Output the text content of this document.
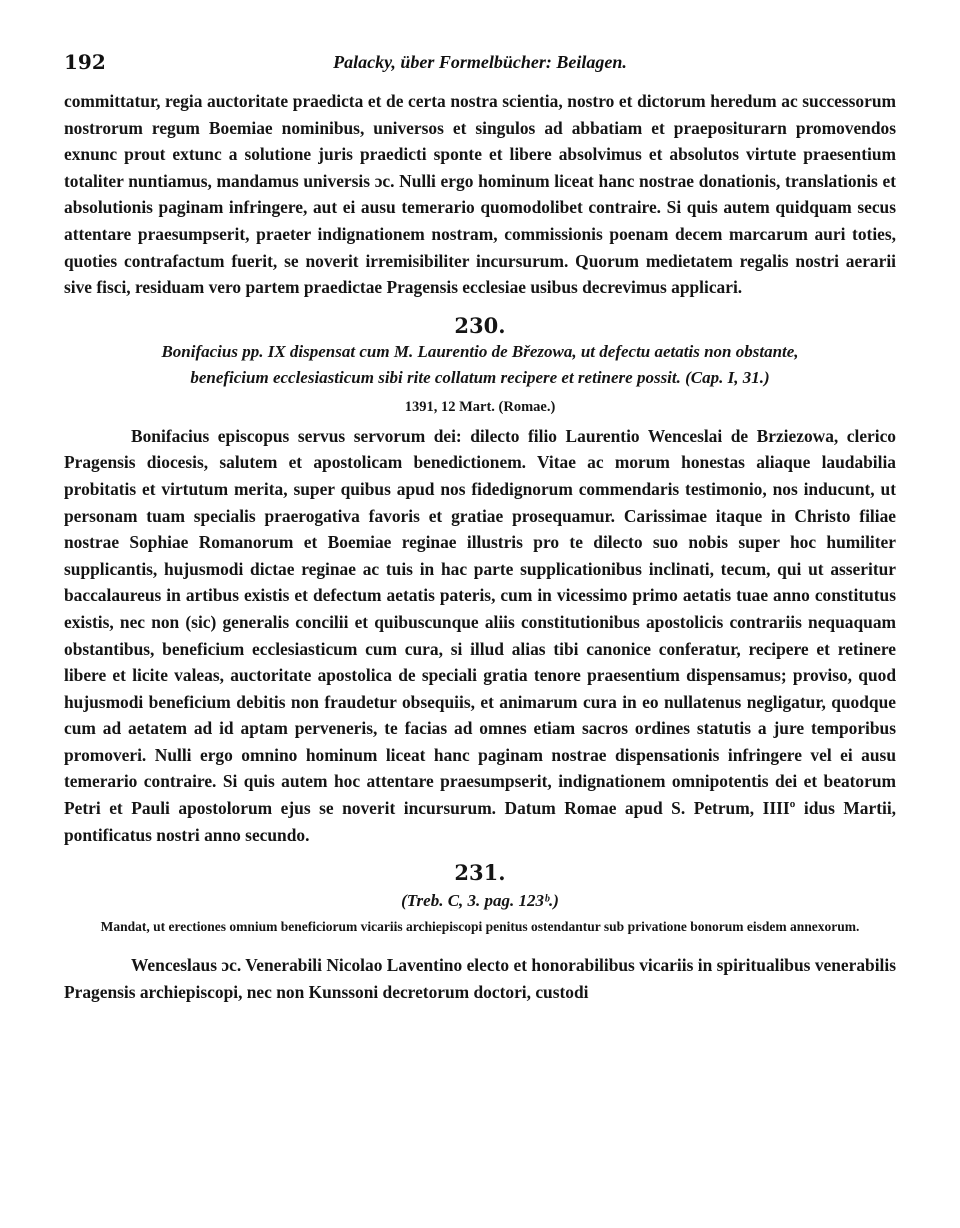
192	Palacky, über Formelbücher: Beilagen.

committatur, regia auctoritate praedicta et de certa nostra scientia, nostro et dictorum heredum ac successorum nostrorum regum Boemiae nominibus, universos et singulos ad abbatiam et praepositurarn promovendos exnunc prout extunc a solutione juris praedicti sponte et libere absolvimus et absolutos virtute praesentium totaliter nuntiamus, mandamus universis ɔc. Nulli ergo hominum liceat hanc nostrae donationis, translationis et absolutionis paginam infringere, aut ei ausu temerario quomodolibet contraire. Si quis autem quidquam secus attentare praesumpserit, praeter indignationem nostram, commissionis poenam decem marcarum auri toties, quoties contrafactum fuerit, se noverit irremisibiliter incursurum. Quorum medietatem regalis nostri aerarii sive fisci, residuam vero partem praedictae Pragensis ecclesiae usibus decrevimus applicari.

230.
Bonifacius pp. IX dispensat cum M. Laurentio de Březowa, ut defectu aetatis non obstante,
beneficium ecclesiasticum sibi rite collatum recipere et retinere possit. (Cap. I, 31.)
1391, 12 Mart. (Romae.)

Bonifacius episcopus servus servorum dei: dilecto filio Laurentio Wenceslai de Brziezowa, clerico Pragensis diocesis, salutem et apostolicam benedictionem. Vitae ac morum honestas aliaque laudabilia probitatis et virtutum merita, super quibus apud nos fidedignorum commendaris testimonio, nos inducunt, ut personam tuam specialis praerogativa favoris et gratiae prosequamur. Carissimae itaque in Christo filiae nostrae Sophiae Romanorum et Boemiae reginae illustris pro te dilecto suo nobis super hoc humiliter supplicantis, hujusmodi dictae reginae ac tuis in hac parte supplicationibus inclinati, tecum, qui ut asseritur baccalaureus in artibus existis et defectum aetatis pateris, cum in vicessimo primo aetatis tuae anno constitutus existis, nec non (sic) generalis concilii et quibuscunque aliis constitutionibus apostolicis contrariis nequaquam obstantibus, beneficium ecclesiasticum cum cura, si illud alias tibi canonice conferatur, recipere et retinere libere et licite valeas, auctoritate apostolica de speciali gratia tenore praesentium dispensamus; proviso, quod hujusmodi beneficium debitis non fraudetur obsequiis, et animarum cura in eo nullatenus negligatur, quodque cum ad aetatem ad id aptam perveneris, te facias ad omnes etiam sacros ordines statutis a jure temporibus promoveri. Nulli ergo omnino hominum liceat hanc paginam nostrae dispensationis infringere vel ei ausu temerario contraire. Si quis autem hoc attentare praesumpserit, indignationem omnipotentis dei et beatorum Petri et Pauli apostolorum ejus se noverit incursurum. Datum Romae apud S. Petrum, IIIIº idus Martii, pontificatus nostri anno secundo.

231.
(Treb. C, 3. pag. 123ᵇ.)
Mandat, ut erectiones omnium beneficiorum vicariis archiepiscopi penitus ostendantur sub privatione bonorum eisdem annexorum.

Wenceslaus ɔc. Venerabili Nicolao Laventino electo et honorabilibus vicariis in spiritualibus venerabilis Pragensis archiepiscopi, nec non Kunssoni decretorum doctori, custodi
